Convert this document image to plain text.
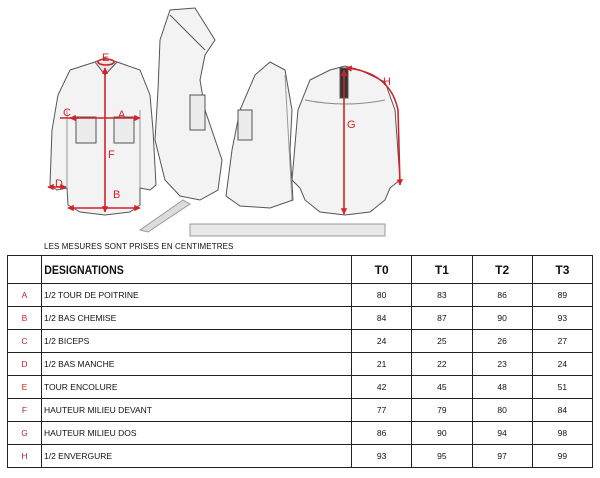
E
C	A
F
B
D
G
H
LES MESURES SONT PRISES EN CENTIMETRES
	DESIGNATIONS	T0	T1	T2	T3
A	1/2 TOUR DE POITRINE	80	83	86	89
B	1/2 BAS CHEMISE	84	87	90	93
C	1/2 BICEPS	24	25	26	27
D	1/2 BAS MANCHE	21	22	23	24
E	TOUR ENCOLURE	42	45	48	51
F	HAUTEUR MILIEU DEVANT	77	79	80	84
G	HAUTEUR MILIEU DOS	86	90	94	98
H	1/2 ENVERGURE	93	95	97	99
